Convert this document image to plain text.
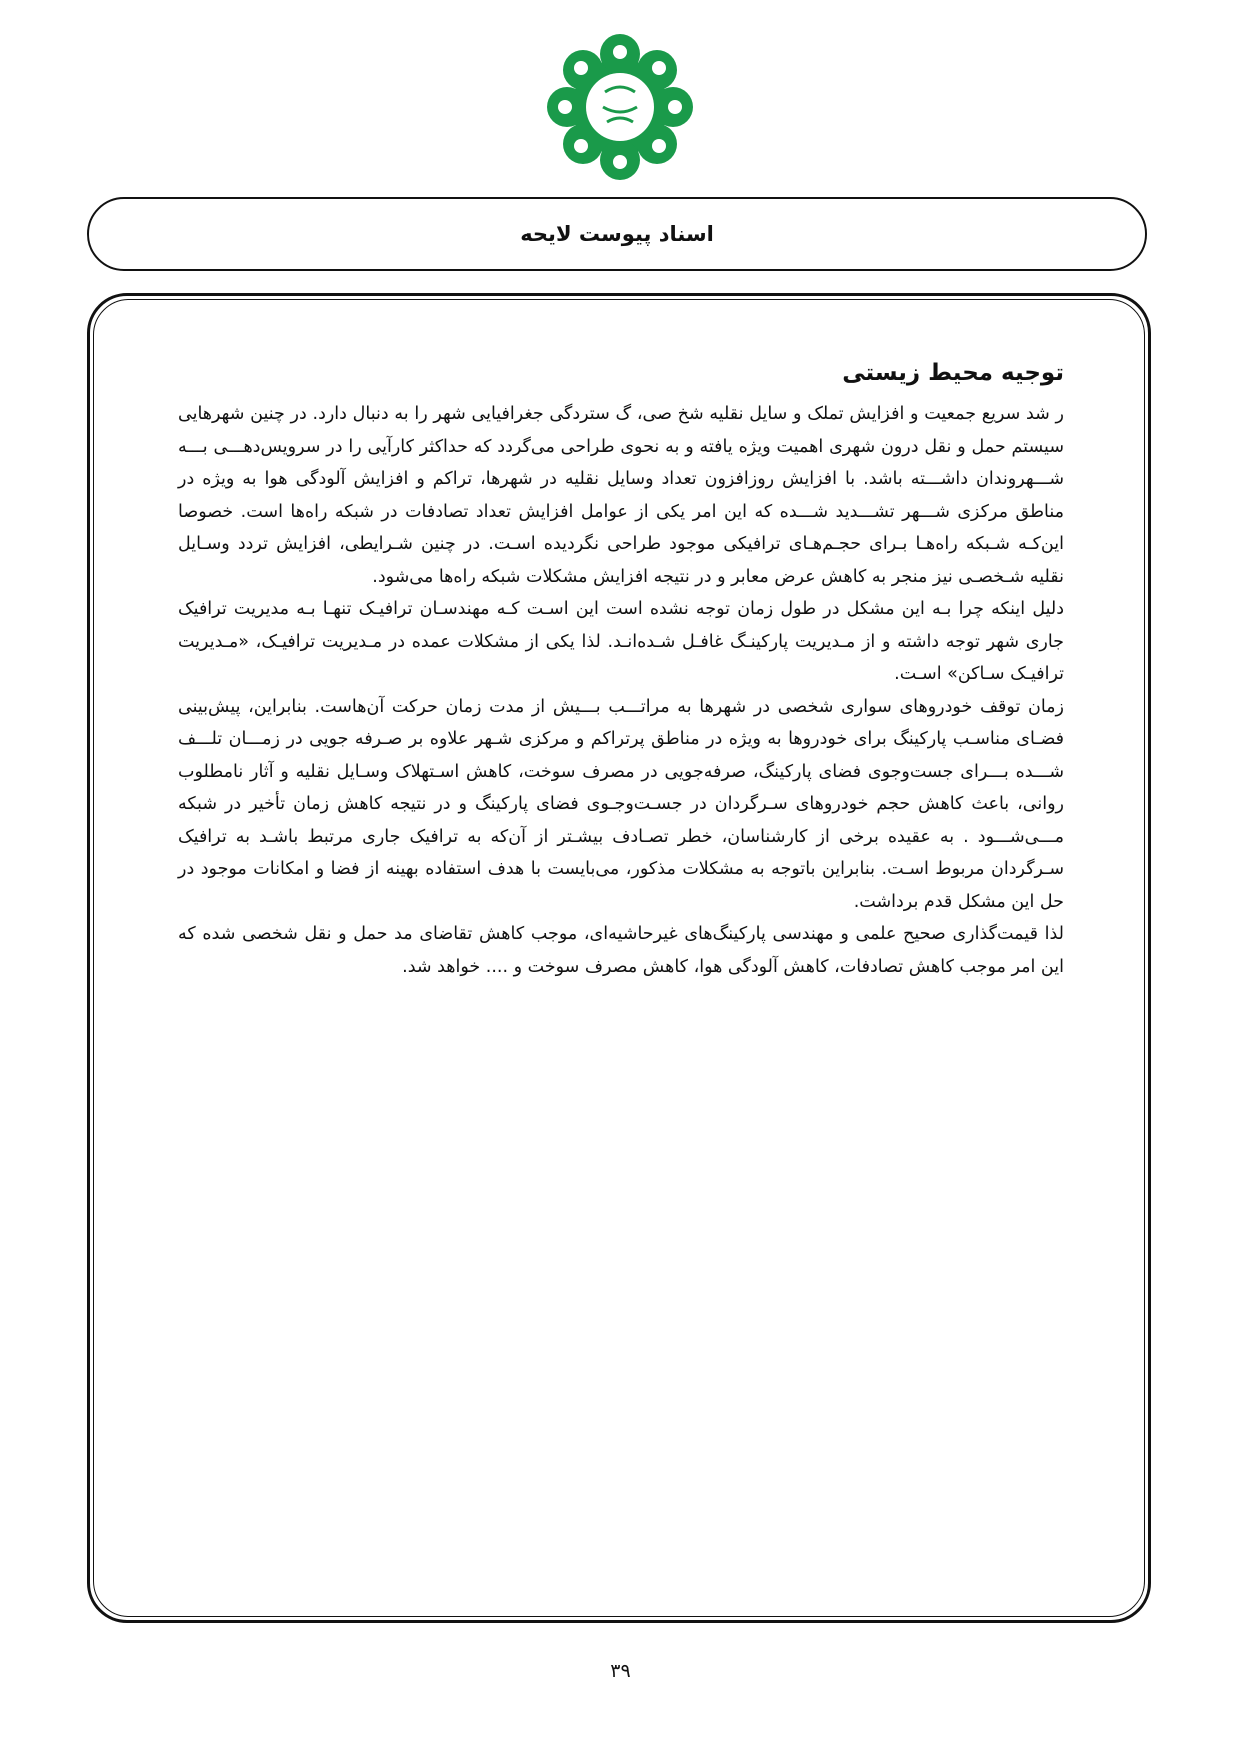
اسناد پیوست لایحه
توجیه محیط زیستی

ر شد سریع جمعیت و افزایش تملک و سایل نقلیه شخ صی، گ ستردگی جغرافیایی شهر را به دنبال دارد. در چنین شهرهایی سیستم حمل و نقل درون شهری اهمیت ویژه یافته و به نحوی طراحی می‌گردد که حداکثر کارآیی را در سرویس‌دهـــی بـــه شـــهروندان داشـــته باشد. با افزایش روزافزون تعداد وسایل نقلیه در شهرها، تراکم و افزایش آلودگی هوا به ویژه در مناطق مرکزی شـــهر تشـــدید شـــده که این امر یکی از عوامل افزایش تعداد تصادفات در شبکه راه‌ها است. خصوصا این‌کـه شـبکه راه‌هـا بـرای حجـم‌هـای ترافیکی موجود طراحی نگردیده اسـت. در چنین شـرایطی، افزایش تردد وسـایل نقلیه شـخصـی نیز منجر به کاهش عرض معابر و در نتیجه افزایش مشکلات شبکه راه‌ها می‌شود.

دلیل اینکه چرا بـه این مشکل در طول زمان توجه نشده است این اسـت کـه مهندسـان ترافیـک تنهـا بـه مدیریت ترافیک جاری شهر توجه داشته و از مـدیریت پارکینـگ غافـل شـده‌انـد. لذا یکی از مشکلات عمده در مـدیریت ترافیـک، «مـدیریت ترافیـک سـاکن» اسـت.

زمان توقف خودروهای سواری شخصی در شهرها به مراتـــب بـــیش از مدت زمان حرکت آن‌هاست. بنابراین، پیش‌بینی فضـای مناسـب پارکینگ برای خودروها به ویژه در مناطق پرتراکم و مرکزی شـهر علاوه بر صـرفه جویی در زمـــان تلـــف شـــده بـــرای جست‌وجوی فضای پارکینگ، صرفه‌جویی در مصرف سوخت، کاهش اسـتهلاک وسـایل نقلیه و آثار نامطلوب روانی، باعث کاهش حجم خودروهای سـرگردان در جسـت‌وجـوی فضای پارکینگ و در نتیجه کاهش زمان تأخیر در شبکه مـــی‌شـــود . به عقیده برخی از کارشناسان، خطر تصـادف بیشـتر از آن‌که به ترافیک جاری مرتبط باشـد به ترافیک سـرگردان مربوط اسـت. بنابراین باتوجه به مشکلات مذکور، می‌بایست با هدف استفاده بهینه از فضا و امکانات موجود در حل این مشکل قدم برداشت.

لذا قیمت‌گذاری صحیح علمی و مهندسی پارکینگ‌های غیرحاشیه‌ای، موجب کاهش تقاضای مد حمل و نقل شخصی شده که این امر موجب کاهش تصادفات، کاهش آلودگی هوا، کاهش مصرف سوخت و .... خواهد شد.

۳۹
